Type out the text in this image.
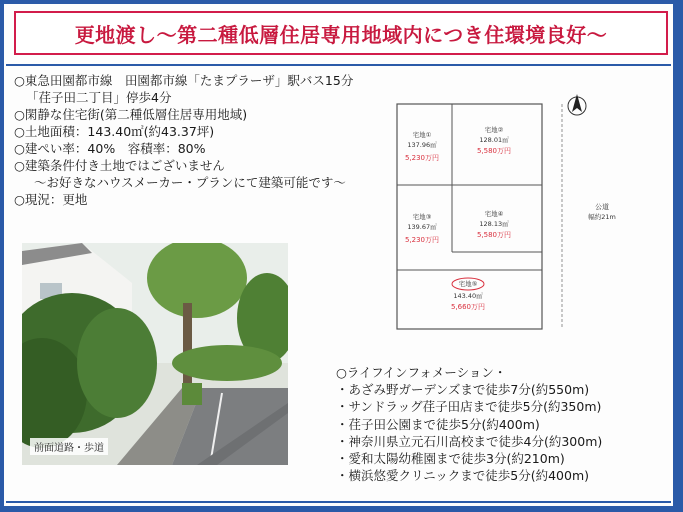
更地渡し～第二種低層住居専用地域内につき住環境良好～
○東急田園都市線　田園都市線「たまプラーザ」駅バス15分
「荏子田二丁目」停歩4分
○閑静な住宅街(第二種低層住居専用地域)
○土地面積：143.40㎡(約43.37坪)
○建ぺい率：40%　容積率：80%
○建築条件付き土地ではございません
～お好きなハウスメーカー・プランにて建築可能です～
○現況：更地
前面道路・歩道
宅地①
137.96㎡
5,230万円
宅地②
128.01㎡
5,580万円
宅地③
139.67㎡
5,230万円
宅地④
128.13㎡
5,580万円
宅地⑤
143.40㎡
5,660万円
公道
幅約21m
○ライフインフォメーション・
・あざみ野ガーデンズまで徒歩7分(約550m)
・サンドラッグ荏子田店まで徒歩5分(約350m)
・荏子田公園まで徒歩5分(約400m)
・神奈川県立元石川高校まで徒歩4分(約300m)
・愛和太陽幼稚園まで徒歩3分(約210m)
・横浜悠愛クリニックまで徒歩5分(約400m)
